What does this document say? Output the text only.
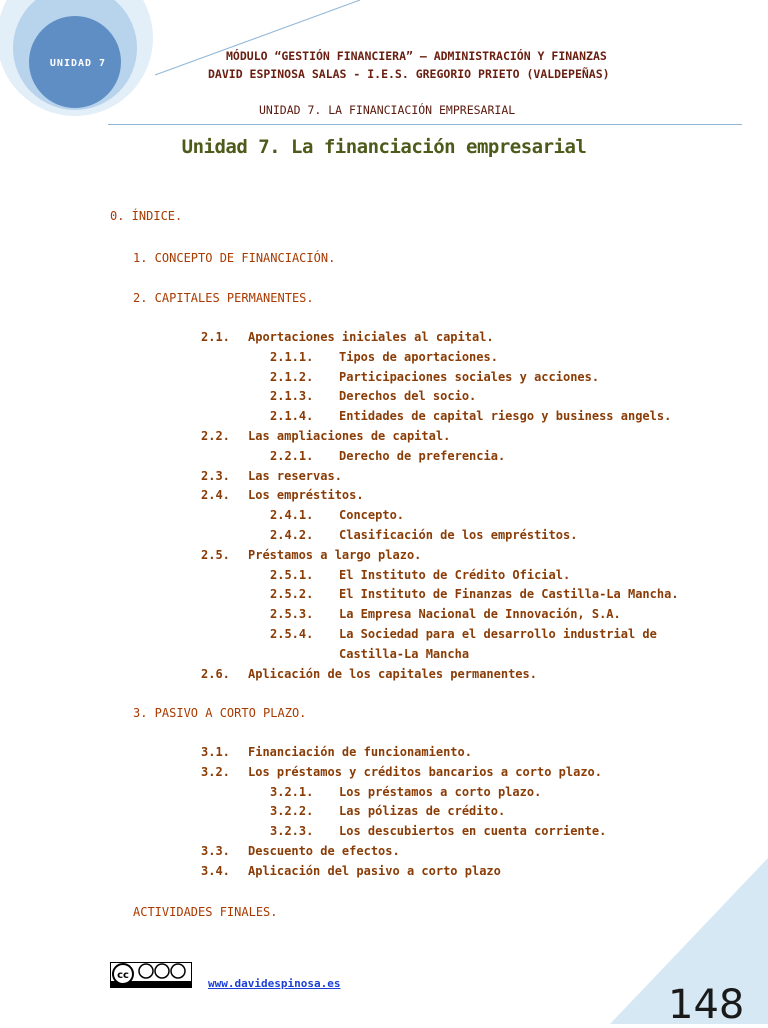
UNIDAD 7
MÓDULO “GESTIÓN FINANCIERA” – ADMINISTRACIÓN Y FINANZAS
DAVID ESPINOSA SALAS - I.E.S. GREGORIO PRIETO (VALDEPEÑAS)
UNIDAD 7. LA FINANCIACIÓN EMPRESARIAL
Unidad 7. La financiación empresarial
0. ÍNDICE.
1. CONCEPTO DE FINANCIACIÓN.
2. CAPITALES PERMANENTES.
2.1. Aportaciones iniciales al capital.
2.1.1. Tipos de aportaciones.
2.1.2. Participaciones sociales y acciones.
2.1.3. Derechos del socio.
2.1.4. Entidades de capital riesgo y business angels.
2.2. Las ampliaciones de capital.
2.2.1. Derecho de preferencia.
2.3. Las reservas.
2.4. Los empréstitos.
2.4.1. Concepto.
2.4.2. Clasificación de los empréstitos.
2.5. Préstamos a largo plazo.
2.5.1. El Instituto de Crédito Oficial.
2.5.2. El Instituto de Finanzas de Castilla-La Mancha.
2.5.3. La Empresa Nacional de Innovación, S.A.
2.5.4. La Sociedad para el desarrollo industrial de
Castilla-La Mancha
2.6. Aplicación de los capitales permanentes.
3. PASIVO A CORTO PLAZO.
3.1. Financiación de funcionamiento.
3.2. Los préstamos y créditos bancarios a corto plazo.
3.2.1. Los préstamos a corto plazo.
3.2.2. Las pólizas de crédito.
3.2.3. Los descubiertos en cuenta corriente.
3.3. Descuento de efectos.
3.4. Aplicación del pasivo a corto plazo
ACTIVIDADES FINALES.
cc
www.davidespinosa.es	148
